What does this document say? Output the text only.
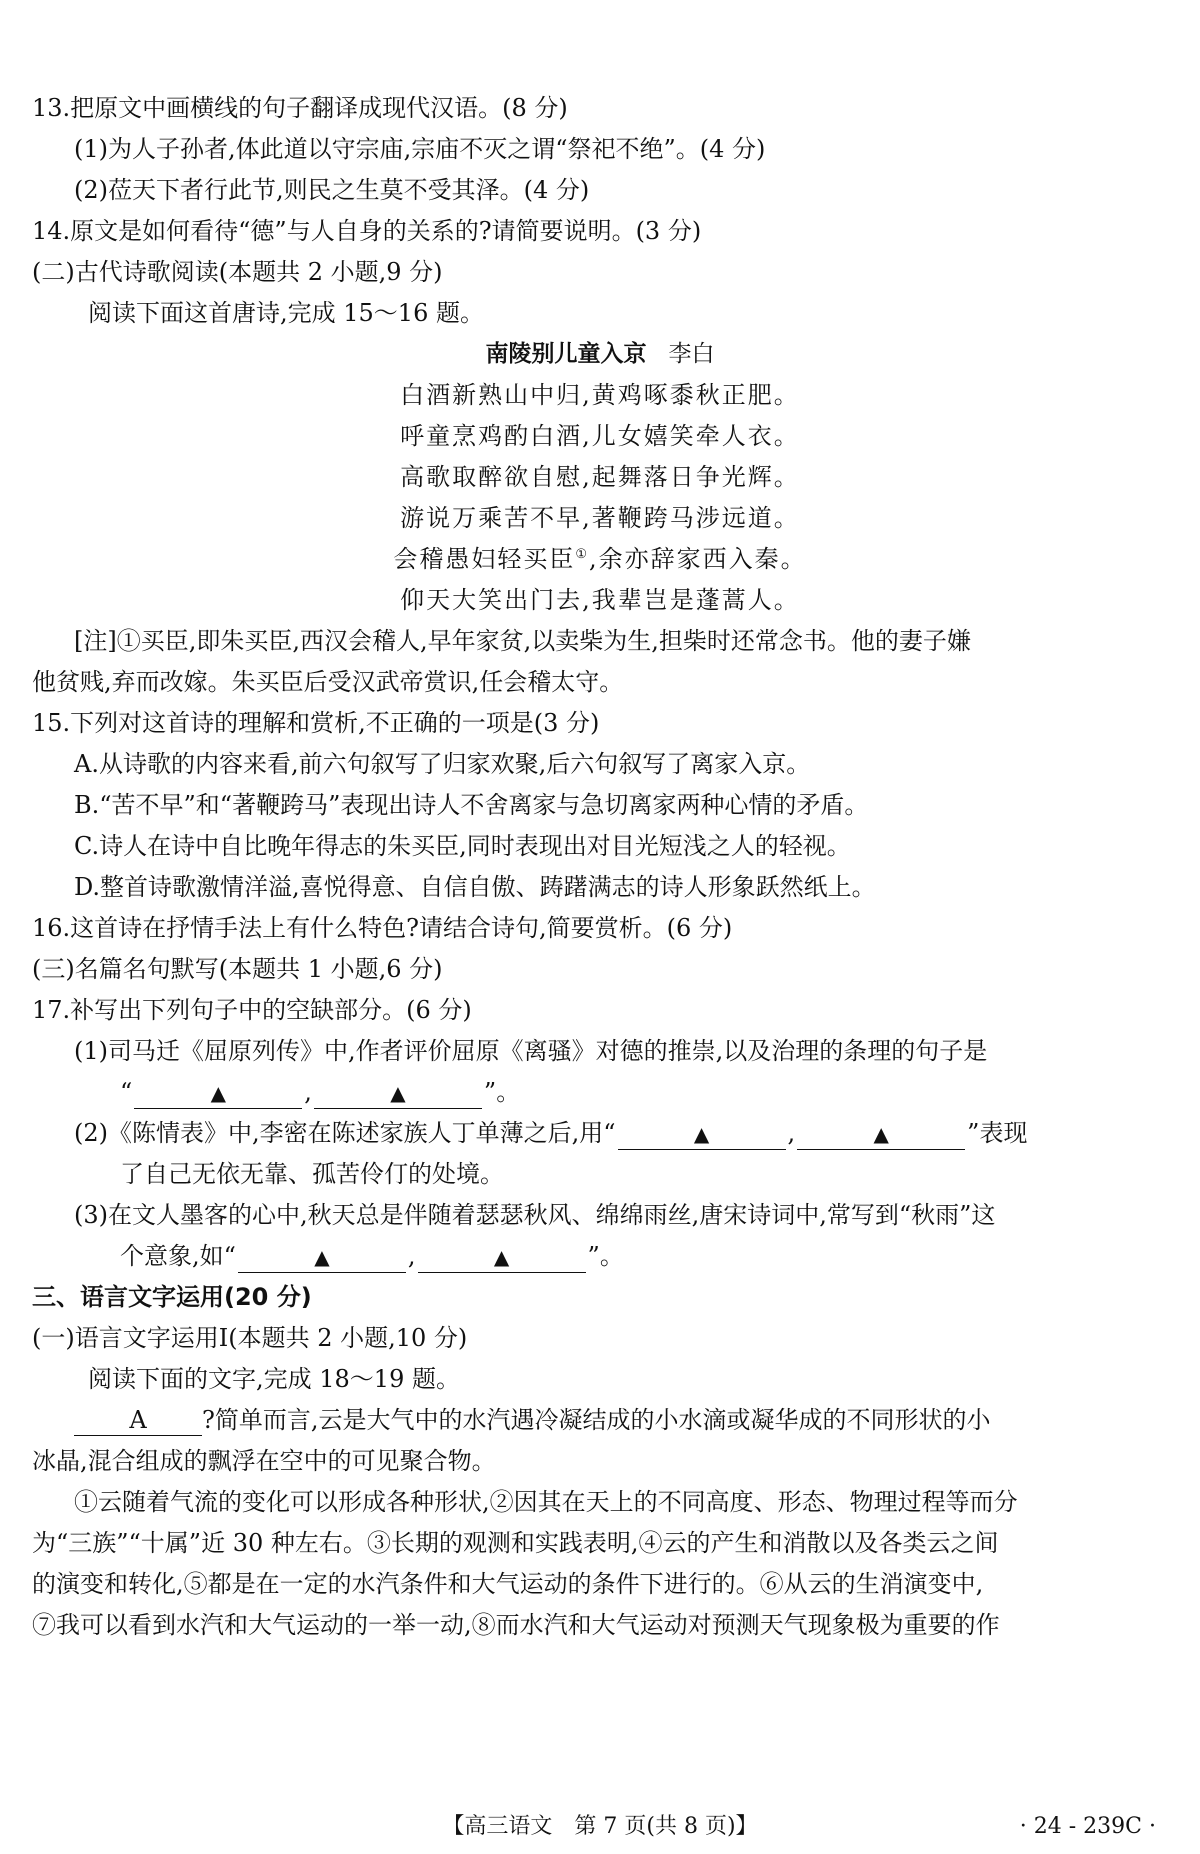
13.把原文中画横线的句子翻译成现代汉语。(8 分)
(1)为人子孙者,体此道以守宗庙,宗庙不灭之谓“祭祀不绝”。(4 分)
(2)莅天下者行此节,则民之生莫不受其泽。(4 分)
14.原文是如何看待“德”与人自身的关系的?请简要说明。(3 分)
(二)古代诗歌阅读(本题共 2 小题,9 分)
阅读下面这首唐诗,完成 15～16 题。
南陵别儿童入京 李白
白酒新熟山中归,黄鸡啄黍秋正肥。
呼童烹鸡酌白酒,儿女嬉笑牵人衣。
高歌取醉欲自慰,起舞落日争光辉。
游说万乘苦不早,著鞭跨马涉远道。
会稽愚妇轻买臣①,余亦辞家西入秦。
仰天大笑出门去,我辈岂是蓬蒿人。
[注]①买臣,即朱买臣,西汉会稽人,早年家贫,以卖柴为生,担柴时还常念书。他的妻子嫌
他贫贱,弃而改嫁。朱买臣后受汉武帝赏识,任会稽太守。
15.下列对这首诗的理解和赏析,不正确的一项是(3 分)
A.从诗歌的内容来看,前六句叙写了归家欢聚,后六句叙写了离家入京。
B.“苦不早”和“著鞭跨马”表现出诗人不舍离家与急切离家两种心情的矛盾。
C.诗人在诗中自比晚年得志的朱买臣,同时表现出对目光短浅之人的轻视。
D.整首诗歌激情洋溢,喜悦得意、自信自傲、踌躇满志的诗人形象跃然纸上。
16.这首诗在抒情手法上有什么特色?请结合诗句,简要赏析。(6 分)
(三)名篇名句默写(本题共 1 小题,6 分)
17.补写出下列句子中的空缺部分。(6 分)
(1)司马迁《屈原列传》中,作者评价屈原《离骚》对德的推崇,以及治理的条理的句子是
“	▲	,	▲	”。
(2)《陈情表》中,李密在陈述家族人丁单薄之后,用“	▲	,	▲	”表现
了自己无依无靠、孤苦伶仃的处境。
(3)在文人墨客的心中,秋天总是伴随着瑟瑟秋风、绵绵雨丝,唐宋诗词中,常写到“秋雨”这
个意象,如“	▲	,	▲	”。
三、语言文字运用(20 分)
(一)语言文字运用Ⅰ(本题共 2 小题,10 分)
阅读下面的文字,完成 18～19 题。
A ?简单而言,云是大气中的水汽遇冷凝结成的小水滴或凝华成的不同形状的小
冰晶,混合组成的飘浮在空中的可见聚合物。
①云随着气流的变化可以形成各种形状,②因其在天上的不同高度、形态、物理过程等而分
为“三族”“十属”近 30 种左右。③长期的观测和实践表明,④云的产生和消散以及各类云之间
的演变和转化,⑤都是在一定的水汽条件和大气运动的条件下进行的。⑥从云的生消演变中,
⑦我可以看到水汽和大气运动的一举一动,⑧而水汽和大气运动对预测天气现象极为重要的作
【高三语文　第 7 页(共 8 页)】	· 24 - 239C ·
